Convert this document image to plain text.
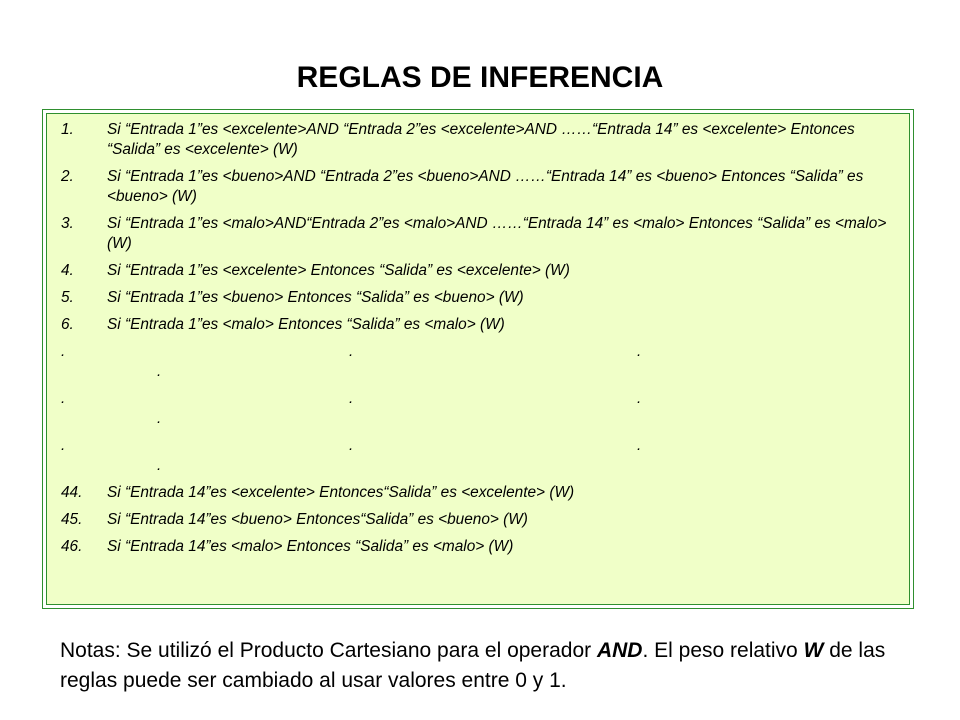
REGLAS DE INFERENCIA
1. Si “Entrada 1”es <excelente>AND “Entrada 2”es <excelente>AND ……“Entrada 14” es <excelente> Entonces “Salida” es <excelente> (W)
2. Si “Entrada 1”es <bueno>AND “Entrada 2”es <bueno>AND ……“Entrada 14” es <bueno> Entonces “Salida” es <bueno> (W)
3. Si “Entrada 1”es <malo>AND“Entrada 2”es <malo>AND ……“Entrada 14” es <malo> Entonces “Salida” es <malo> (W)
4. Si “Entrada 1”es <excelente> Entonces “Salida” es <excelente> (W)
5. Si “Entrada 1”es <bueno> Entonces “Salida” es <bueno> (W)
6. Si “Entrada 1”es <malo> Entonces “Salida” es <malo> (W)
.	.	.
.
.	.	.
.
.	.	.
.
44. Si “Entrada 14”es <excelente> Entonces“Salida” es <excelente> (W)
45. Si “Entrada 14”es <bueno> Entonces“Salida” es <bueno> (W)
46. Si “Entrada 14”es <malo> Entonces “Salida” es <malo> (W)
Notas: Se utilizó el Producto Cartesiano para el operador AND. El peso relativo W de las reglas puede ser cambiado al usar valores entre 0 y 1.
